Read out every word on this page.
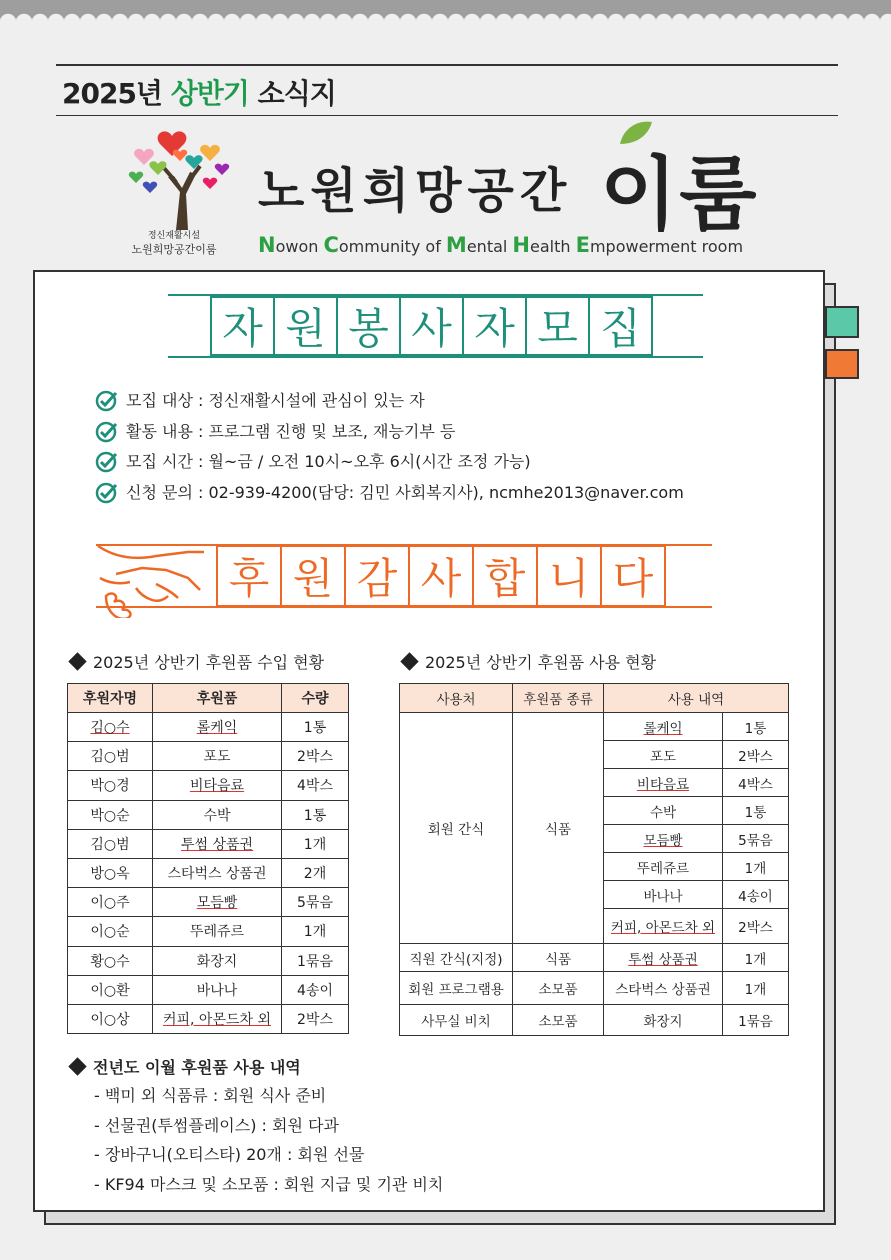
2025년 상반기 소식지
정신재활시설
노원희망공간이룸
노원희망공간 이룸
Nowon Community of Mental Health Empowerment room
자 원 봉 사 자 모 집
모집 대상 : 정신재활시설에 관심이 있는 자
활동 내용 : 프로그램 진행 및 보조, 재능기부 등
모집 시간 : 월~금 / 오전 10시~오후 6시(시간 조정 가능)
신청 문의 : 02-939-4200(담당: 김민 사회복지사), ncmhe2013@naver.com
후 원 감 사 합 니 다
2025년 상반기 후원품 수입 현황	2025년 상반기 후원품 사용 현황
후원자명	후원품	수량
김○수	롤케익	1통
김○범	포도	2박스
박○경	비타음료	4박스
박○순	수박	1통
김○범	투썸 상품권	1개
방○옥	스타벅스 상품권	2개
이○주	모듬빵	5묶음
이○순	뚜레쥬르	1개
황○수	화장지	1묶음
이○환	바나나	4송이
이○상	커피, 아몬드차 외	2박스
사용처	후원품 종류	사용 내역	
회원 간식	식품	롤케익	1통
		포도	2박스
		비타음료	4박스
		수박	1통
		모듬빵	5묶음
		뚜레쥬르	1개
		바나나	4송이
		커피, 아몬드차 외	2박스
직원 간식(지정)	식품	투썸 상품권	1개
회원 프로그램용	소모품	스타벅스 상품권	1개
사무실 비치	소모품	화장지	1묶음
전년도 이월 후원품 사용 내역
- 백미 외 식품류 : 회원 식사 준비
- 선물권(투썸플레이스) : 회원 다과
- 장바구니(오티스타) 20개 : 회원 선물
- KF94 마스크 및 소모품 : 회원 지급 및 기관 비치
